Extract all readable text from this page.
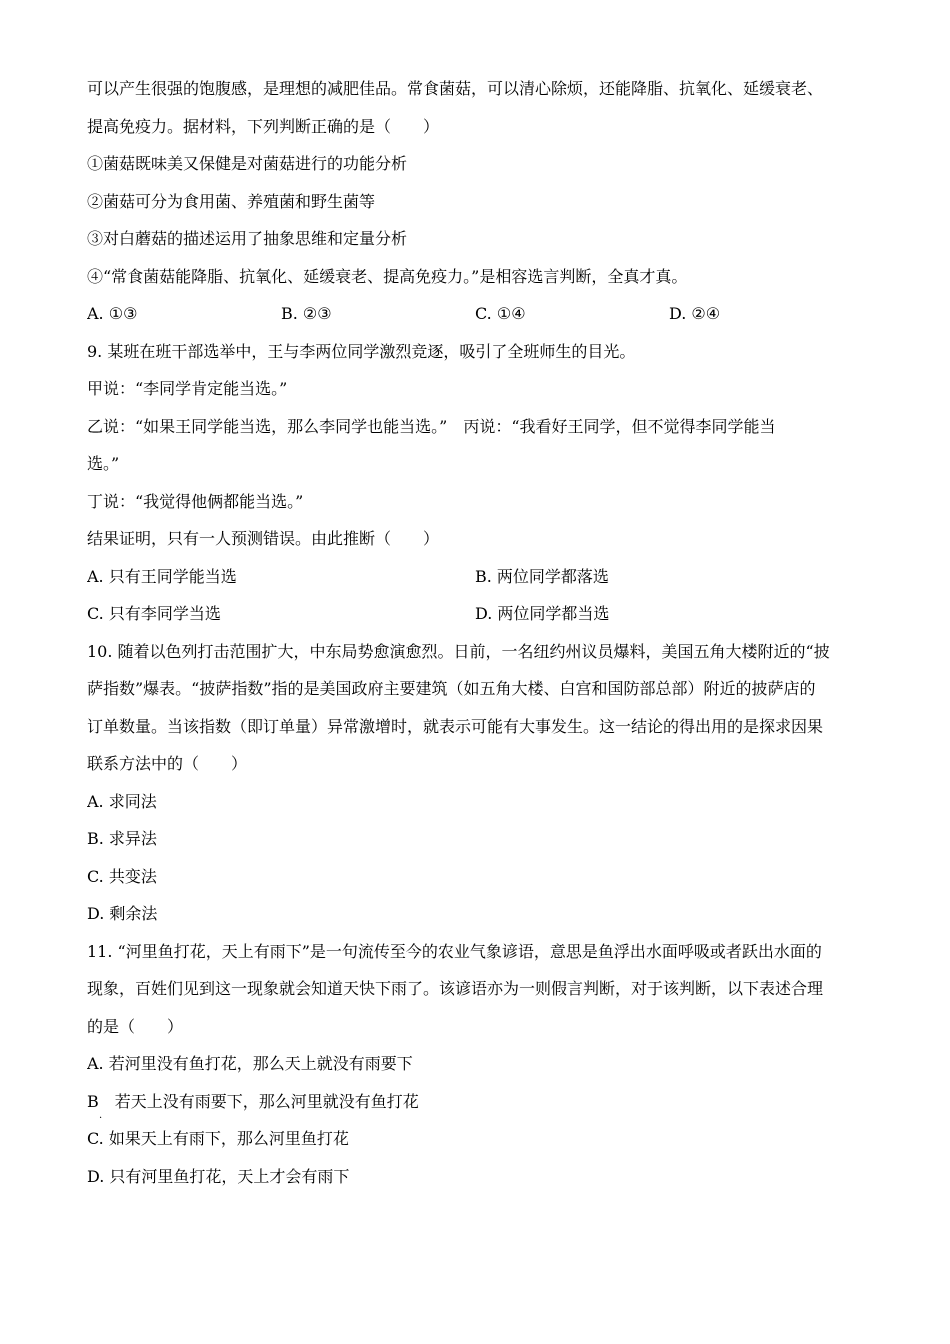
可以产生很强的饱腹感，是理想的减肥佳品。常食菌菇，可以清心除烦，还能降脂、抗氧化、延缓衰老、
提高免疫力。据材料，下列判断正确的是（　　）
①菌菇既味美又保健是对菌菇进行的功能分析
②菌菇可分为食用菌、养殖菌和野生菌等
③对白蘑菇的描述运用了抽象思维和定量分析
④“常食菌菇能降脂、抗氧化、延缓衰老、提高免疫力。”是相容选言判断，全真才真。
A. ①③	B. ②③	C. ①④	D. ②④
9. 某班在班干部选举中，王与李两位同学激烈竞逐，吸引了全班师生的目光。
甲说：“李同学肯定能当选。”
乙说：“如果王同学能当选，那么李同学也能当选。”　丙说：“我看好王同学，但不觉得李同学能当
选。”
丁说：“我觉得他俩都能当选。”
结果证明，只有一人预测错误。由此推断（　　）
A. 只有王同学能当选	B. 两位同学都落选
C. 只有李同学当选	D. 两位同学都当选
10. 随着以色列打击范围扩大，中东局势愈演愈烈。日前，一名纽约州议员爆料，美国五角大楼附近的“披
萨指数”爆表。“披萨指数”指的是美国政府主要建筑（如五角大楼、白宫和国防部总部）附近的披萨店的
订单数量。当该指数（即订单量）异常激增时，就表示可能有大事发生。这一结论的得出用的是探求因果
联系方法中的（　　）
A. 求同法
B. 求异法
C. 共变法
D. 剩余法
11. “河里鱼打花，天上有雨下”是一句流传至今的农业气象谚语，意思是鱼浮出水面呼吸或者跃出水面的
现象，百姓们见到这一现象就会知道天快下雨了。该谚语亦为一则假言判断，对于该判断，以下表述合理
的是（　　）
A. 若河里没有鱼打花，那么天上就没有雨要下
B　若天上没有雨要下，那么河里就没有鱼打花
.
C. 如果天上有雨下，那么河里鱼打花
D. 只有河里鱼打花，天上才会有雨下
